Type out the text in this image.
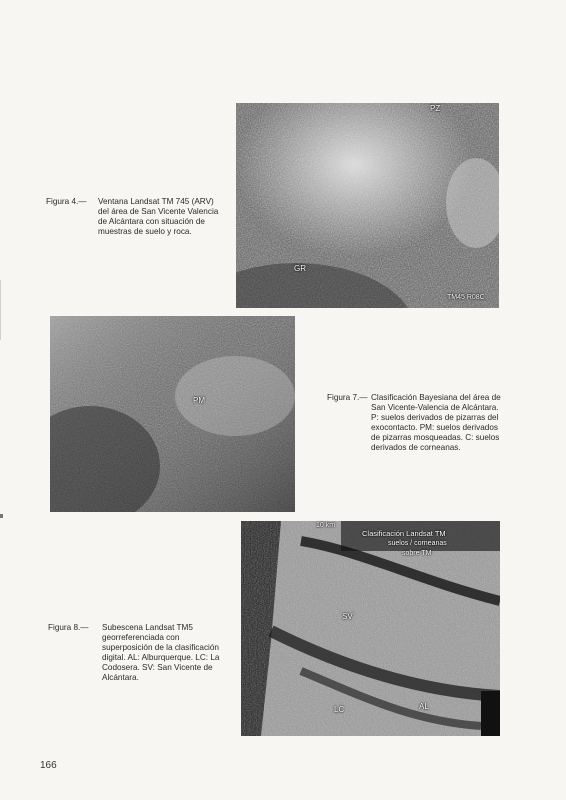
PZ
GR
TM45 R08C
Figura 4.—	Ventana Landsat TM 745 (ARV) del área de San Vicente Valencia de Alcántara con situación de muestras de suelo y roca.
PM	Figura 7.— Clasificación Bayesiana del área de San Vicente-Valencia de Alcántara. P: suelos derivados de pizarras del exocontacto. PM: suelos derivados de pizarras mosqueadas. C: suelos derivados de corneanas.
10 km
Clasificación Landsat TM
suelos / corneanas
sobre TM
SV
LC	AL
Figura 8.—	Subescena Landsat TM5 georreferenciada con superposición de la clasificación digital. AL: Alburquerque. LC: La Codosera. SV: San Vicente de Alcántara.
166
